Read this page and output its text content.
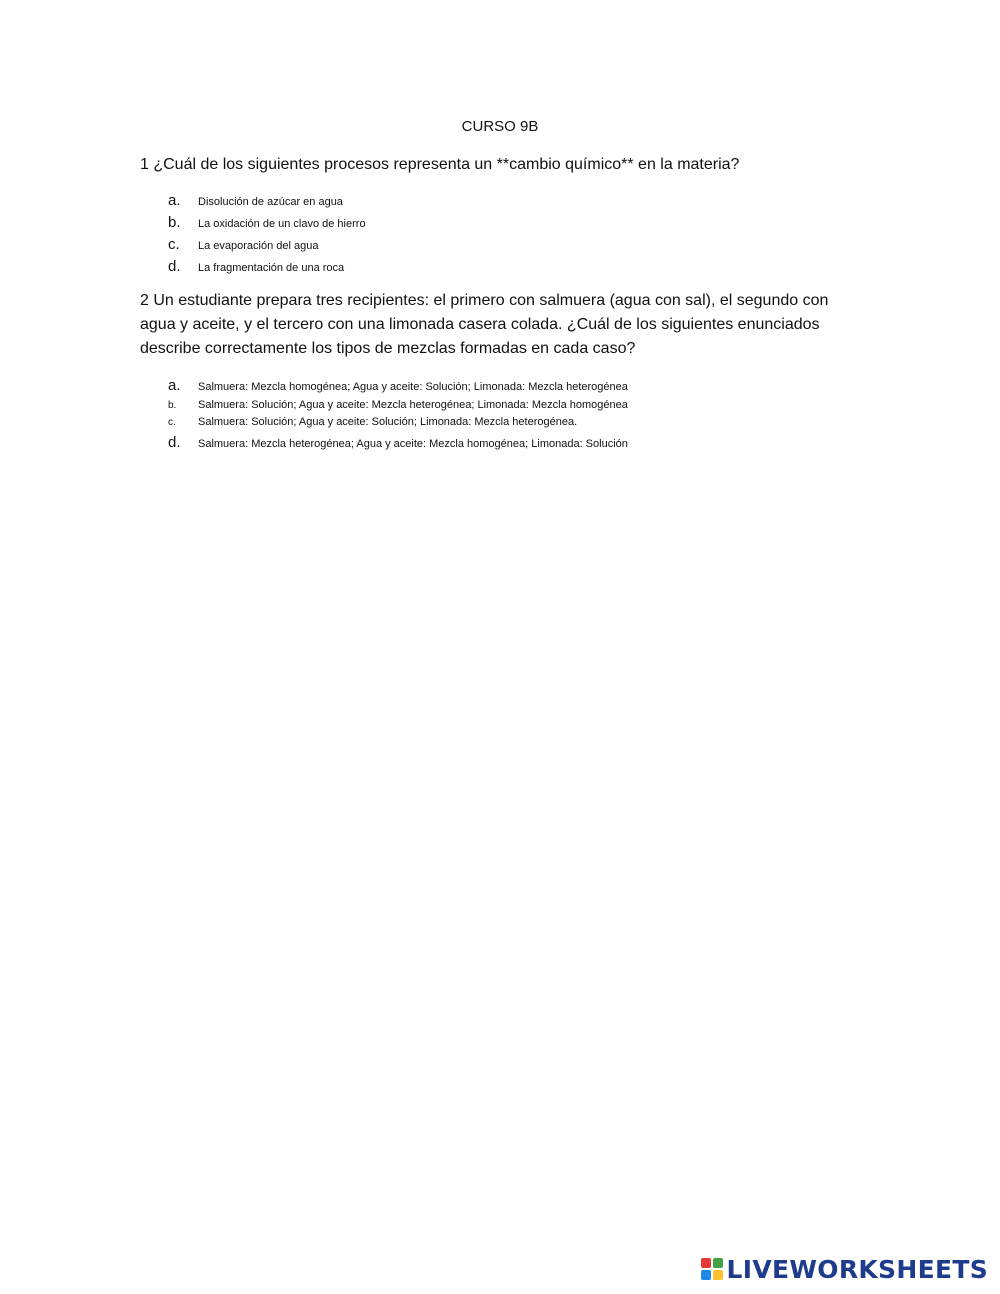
CURSO 9B
1 ¿Cuál de los siguientes procesos representa un **cambio químico** en la materia?
a. Disolución de azúcar en agua
b. La oxidación de un clavo de hierro
c. La evaporación del agua
d. La fragmentación de una roca
2 Un estudiante prepara tres recipientes: el primero con salmuera (agua con sal), el segundo con agua y aceite, y el tercero con una limonada casera colada. ¿Cuál de los siguientes enunciados describe correctamente los tipos de mezclas formadas en cada caso?
a. Salmuera: Mezcla homogénea; Agua y aceite: Solución; Limonada: Mezcla heterogénea
b. Salmuera: Solución; Agua y aceite: Mezcla heterogénea; Limonada: Mezcla homogénea
c. Salmuera: Solución; Agua y aceite: Solución; Limonada: Mezcla heterogénea.
d. Salmuera: Mezcla heterogénea; Agua y aceite: Mezcla homogénea; Limonada: Solución
LIVEWORKSHEETS
